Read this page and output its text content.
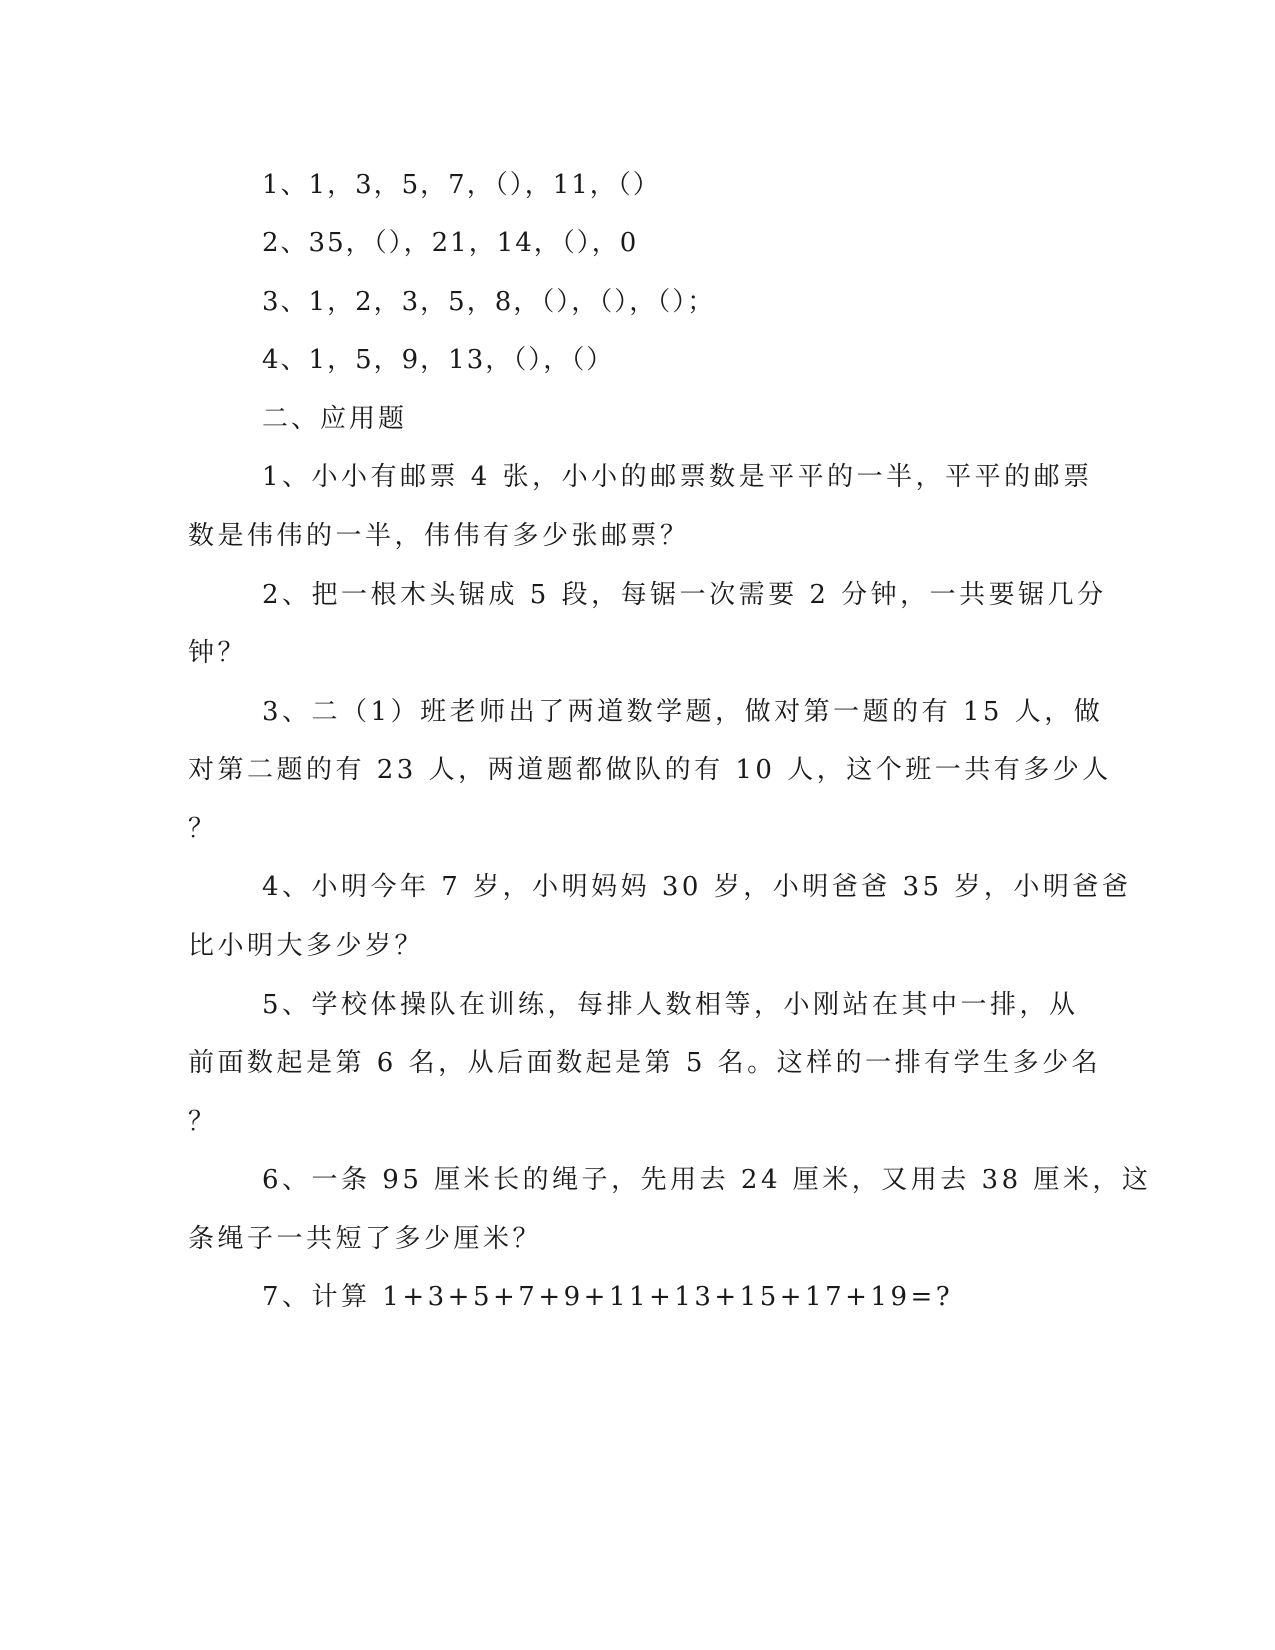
1、1，3，5，7，（），11，（）
2、35，（），21，14，（），0
3、1，2，3，5，8，（），（），（）；
4、1，5，9，13，（），（）
二、应用题
1、小小有邮票 4 张，小小的邮票数是平平的一半，平平的邮票
数是伟伟的一半，伟伟有多少张邮票？
2、把一根木头锯成 5 段，每锯一次需要 2 分钟，一共要锯几分
钟？
3、二（1）班老师出了两道数学题，做对第一题的有 15 人，做
对第二题的有 23 人，两道题都做队的有 10 人，这个班一共有多少人
？
4、小明今年 7 岁，小明妈妈 30 岁，小明爸爸 35 岁，小明爸爸
比小明大多少岁？
5、学校体操队在训练，每排人数相等，小刚站在其中一排，从
前面数起是第 6 名，从后面数起是第 5 名。这样的一排有学生多少名
？
6、一条 95 厘米长的绳子，先用去 24 厘米，又用去 38 厘米，这
条绳子一共短了多少厘米？
7、计算 1+3+5+7+9+11+13+15+17+19=?
